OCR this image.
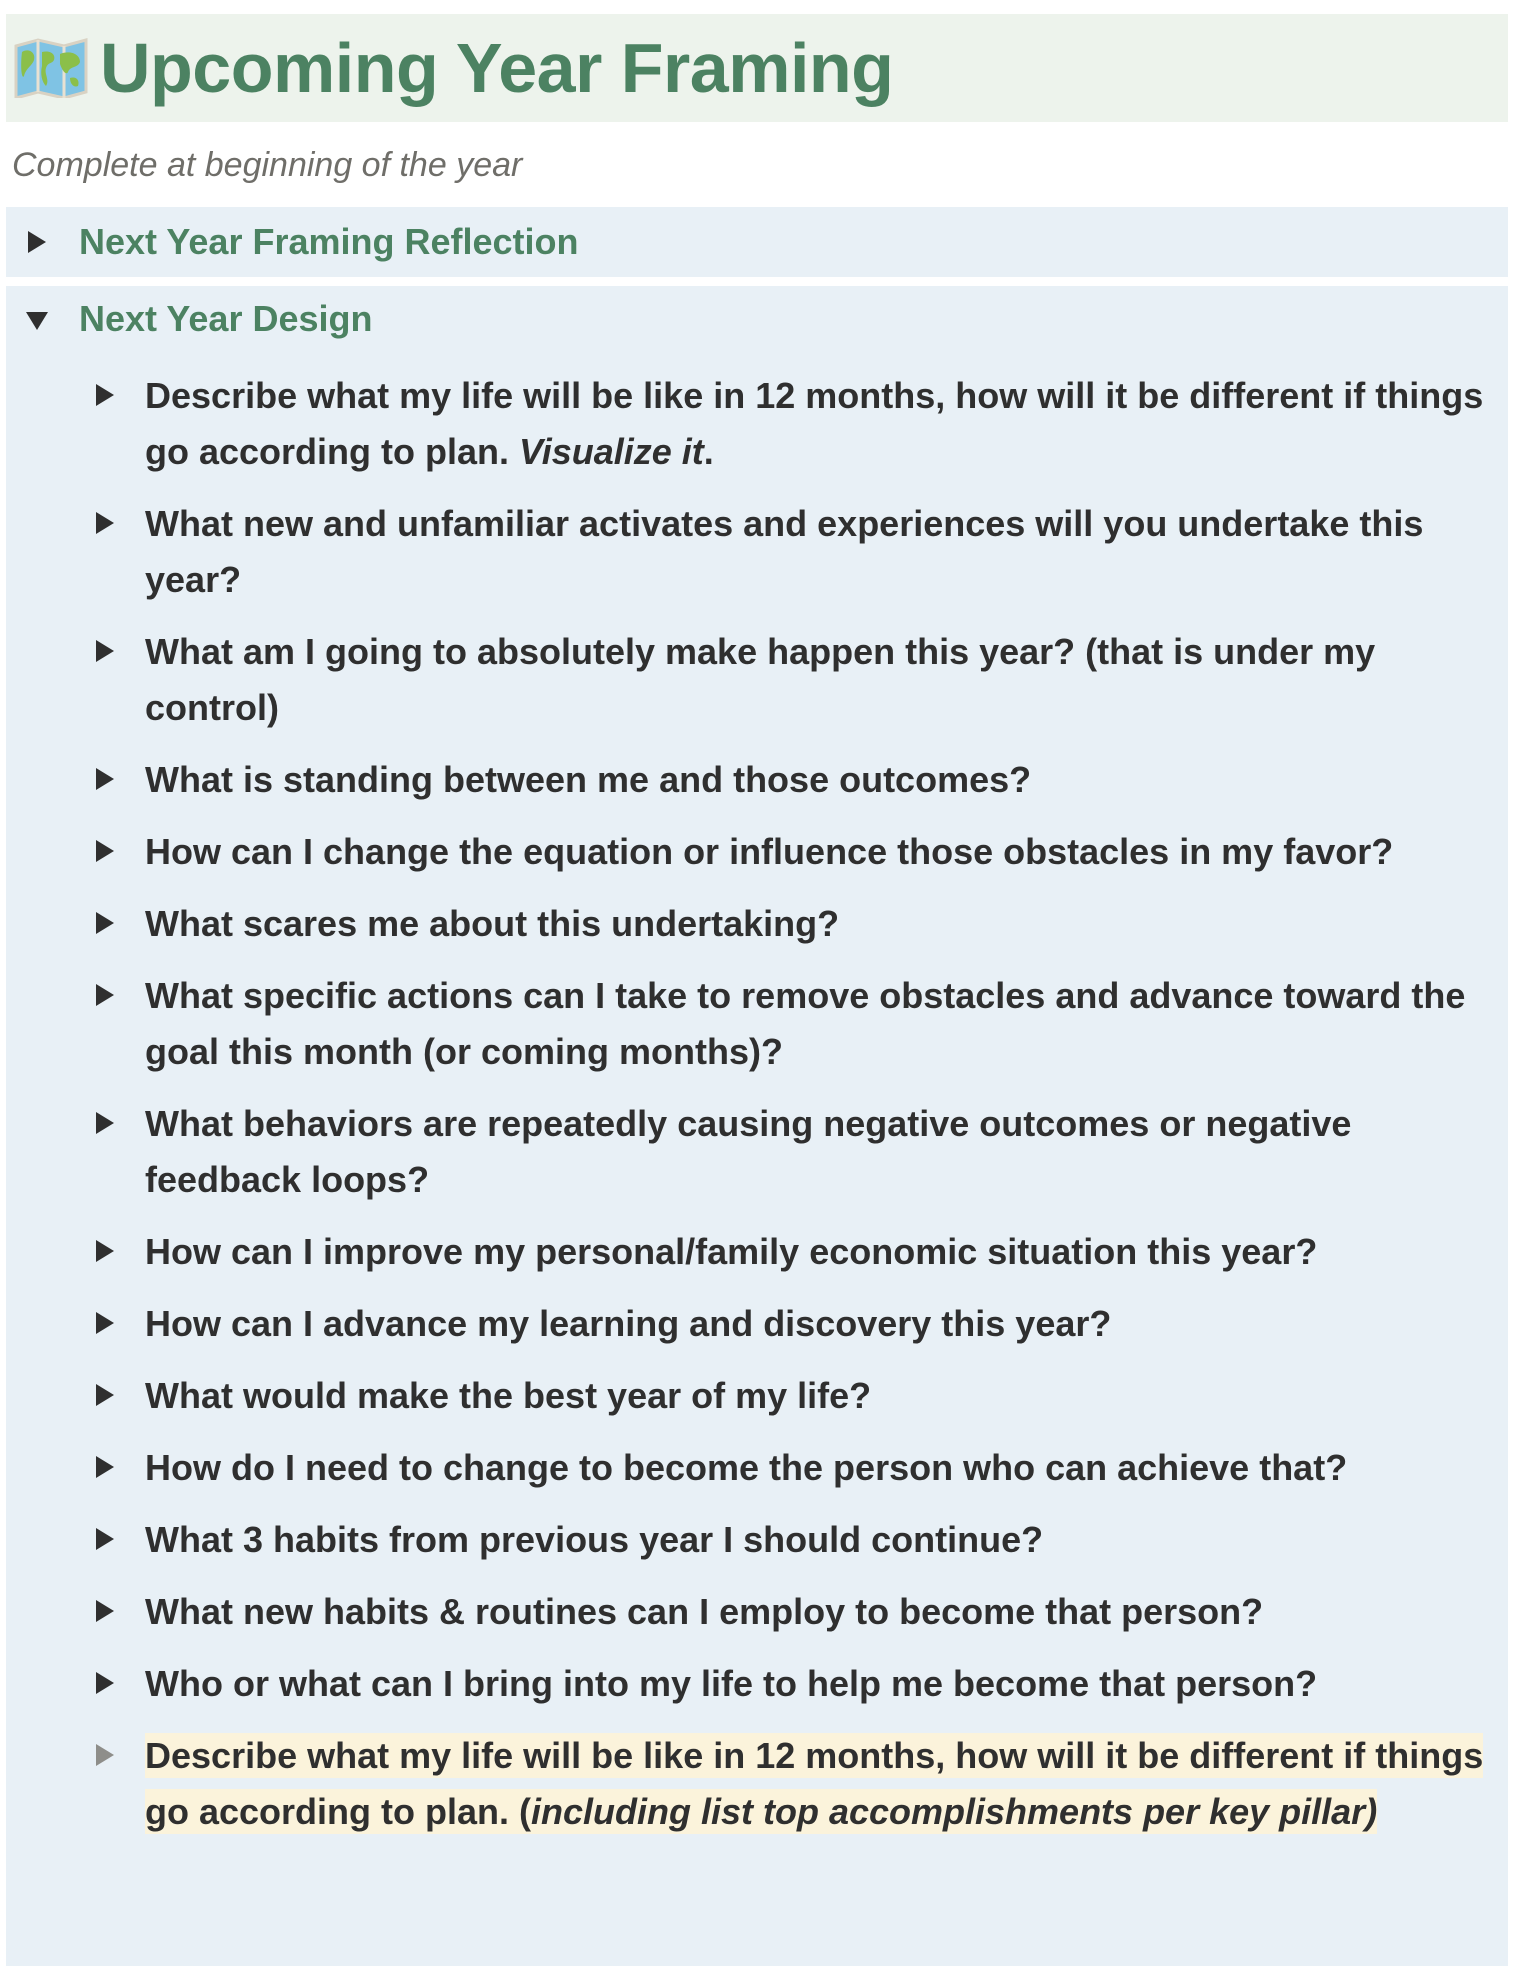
Upcoming Year Framing
Complete at beginning of the year
Next Year Framing Reflection
Next Year Design
Describe what my life will be like in 12 months, how will it be different if things go according to plan. Visualize it.
What new and unfamiliar activates and experiences will you undertake this year?
What am I going to absolutely make happen this year? (that is under my control)
What is standing between me and those outcomes?
How can I change the equation or influence those obstacles in my favor?
What scares me about this undertaking?
What specific actions can I take to remove obstacles and advance toward the goal this month (or coming months)?
What behaviors are repeatedly causing negative outcomes or negative feedback loops?
How can I improve my personal/family economic situation this year?
How can I advance my learning and discovery this year?
What would make the best year of my life?
How do I need to change to become the person who can achieve that?
What 3 habits from previous year I should continue?
What new habits & routines can I employ to become that person?
Who or what can I bring into my life to help me become that person?
Describe what my life will be like in 12 months, how will it be different if things go according to plan. (including list top accomplishments per key pillar)
